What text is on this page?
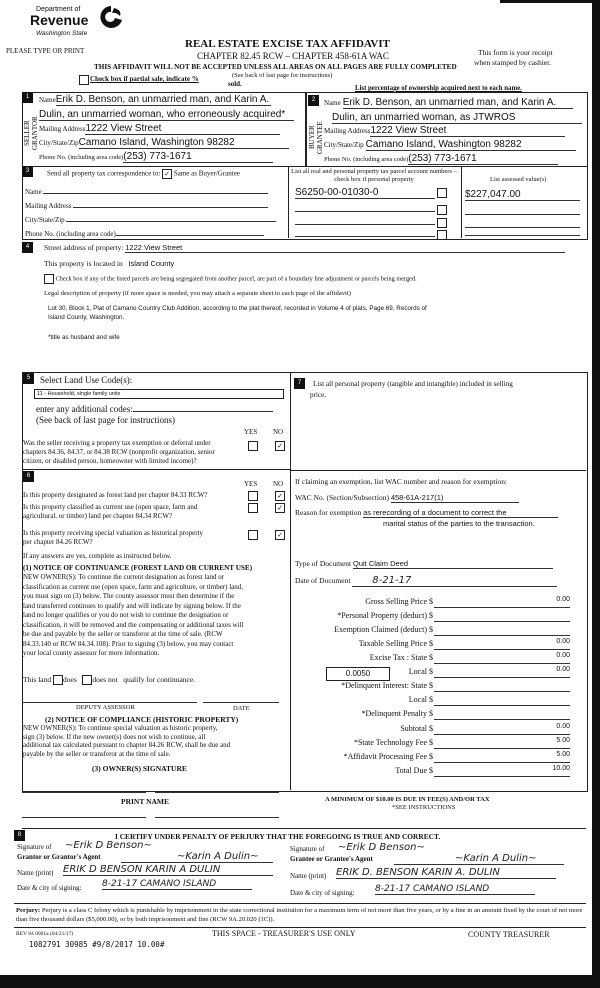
Department of
Revenue
Washington State
PLEASE TYPE OR PRINT
REAL ESTATE EXCISE TAX AFFIDAVIT
CHAPTER 82.45 RCW – CHAPTER 458-61A WAC
THIS AFFIDAVIT WILL NOT BE ACCEPTED UNLESS ALL AREAS ON ALL PAGES ARE FULLY COMPLETED
This form is your receipt
when stamped by cashier.
Check box if partial sale, indicate %
sold.
(See back of last page for instructions)
List percentage of ownership acquired next to each name.
1
SELLER GRANTOR
NameErik D. Benson, an unmarried man, and Karin A.
Dulin, an unmarried woman, who erroneously acquired*
Mailing Address1222 View Street
City/State/ZipCamano Island, Washington 98282
Phone No. (including area code)(253) 773-1671
2
BUYER GRANTEE
Name Erik D. Benson, an unmarried man, and Karin A.
Dulin, an unmarried woman, as JTWROS
Mailing Address1222 View Street
City/State/Zip Camano Island, Washington 98282
Phone No. (including area code)(253) 773-1671
3	Send all property tax correspondence to: ✓ Same as Buyer/Grantee
Name
Mailing Address
City/State/Zip
Phone No. (including area code)
List all real and personal property tax parcel account numbers – check box if personal property
S6250-00-01030-0

List assessed value(s)
$227,047.00
4	Street address of property: 1222 View Street
This property is located in Island County
Check box if any of the listed parcels are being segregated from another parcel, are part of a boundary line adjustment or parcels being merged.
Legal description of property (if more space is needed, you may attach a separate sheet to each page of the affidavit)
Lot 30, Block 1, Plat of Camano Country Club Addition, according to the plat thereof, recorded in Volume 4 of plats, Page 69, Records of
Island County, Washington.
*title as husband and wife
5	Select Land Use Code(s):
11 - Household, single family units
enter any additional codes:
(See back of last page for instructions)
YES NO
Was the seller receiving a property tax exemption or deferral under
chapters 84.36, 84.37, or 84.38 RCW (nonprofit organization, senior
citizen, or disabled person, homeowner with limited income)?
✓
6
YES NO
Is this property designated as forest land per chapter 84.33 RCW?	✓
Is this property classified as current use (open space, farm and
agricultural, or timber) land per chapter 84.34 RCW?
✓
Is this property receiving special valuation as historical property
per chapter 84.26 RCW?
✓
If any answers are yes, complete as instructed below.
(1) NOTICE OF CONTINUANCE (FOREST LAND OR CURRENT USE)
NEW OWNER(S): To continue the current designation as forest land or
classification as current use (open space, farm and agriculture, or timber) land,
you must sign on (3) below. The county assessor must then determine if the
land transferred continues to qualify and will indicate by signing below. If the
land no longer qualifies or you do not wish to continue the designation or
classification, it will be removed and the compensating or additional taxes will
be due and payable by the seller or transferor at the time of sale. (RCW
84.33.140 or RCW 84.34.108). Prior to signing (3) below, you may contact
your local county assessor for more information.
This land does does not qualify for continuance.
DEPUTY ASSESSOR	DATE
(2) NOTICE OF COMPLIANCE (HISTORIC PROPERTY)
NEW OWNER(S): To continue special valuation as historic property,
sign (3) below. If the new owner(s) does not wish to continue, all
additional tax calculated pursuant to chapter 84.26 RCW, shall be due and
payable by the seller or transferor at the time of sale.
(3) OWNER(S) SIGNATURE
PRINT NAME
7	List all personal property (tangible and intangible) included in selling
price.
If claiming an exemption, list WAC number and reason for exemption:
WAC No. (Section/Subsection) 458-61A-217(1)
Reason for exemption as rerecording of a document to correct the
marital status of the parties to the transaction.
Type of Document Quit Claim Deed
Date of Document 8-21-17
0.0050
Gross Selling Price $	0.00
*Personal Property (deduct) $
Exemption Claimed (deduct) $
Taxable Selling Price $	0.00
Excise Tax : State $	0.00
Local $	0.00
*Delinquent Interest: State $
Local $
*Delinquent Penalty $
Subtotal $	0.00
*State Technology Fee $	5.00
*Affidavit Processing Fee $	5.00
Total Due $	10.00
A MINIMUM OF $10.00 IS DUE IN FEE(S) AND/OR TAX
*SEE INSTRUCTIONS
8	I CERTIFY UNDER PENALTY OF PERJURY THAT THE FOREGOING IS TRUE AND CORRECT.
Signature of ~Erik D Benson~
Grantor or Grantor's Agent	~Karin A Dulin~
Name (print) ERIK D BENSON KARIN A DULIN
Date & city of signing: 8-21-17 CAMANO ISLAND
Signature of ~Erik D Benson~
Grantee or Grantee's Agent	~Karin A Dulin~
Name (print) ERIK D. BENSON KARIN A. DULIN
Date & city of signing: 8-21-17 CAMANO ISLAND
Perjury: Perjury is a class C felony which is punishable by imprisonment in the state correctional institution for a maximum term of not more than five years, or by a fine in an amount fixed by the court of not more than five thousand dollars ($5,000.00), or by both imprisonment and fine (RCW 9A.20.020 (1C)).
REV 84 0001a (04/21/17)	THIS SPACE - TREASURER'S USE ONLY	COUNTY TREASURER
1082791 30985 #9/8/2017 10.00#
